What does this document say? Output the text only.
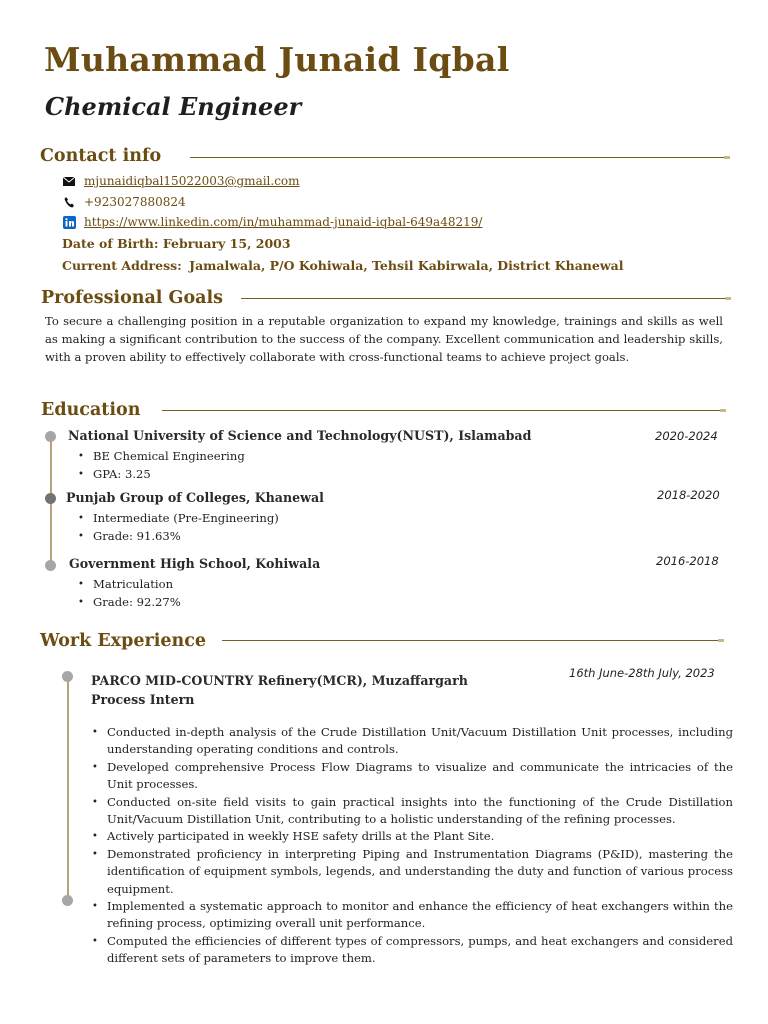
Muhammad Junaid Iqbal
Chemical Engineer
Contact info
mjunaidiqbal15022003@gmail.com
+923027880824
https://www.linkedin.com/in/muhammad-junaid-iqbal-649a48219/
Date of Birth: February 15, 2003
Current Address: Jamalwala, P/O Kohiwala, Tehsil Kabirwala, District Khanewal
Professional Goals
To secure a challenging position in a reputable organization to expand my knowledge, trainings and skills as well as making a significant contribution to the success of the company. Excellent communication and leadership skills, with a proven ability to effectively collaborate with cross-functional teams to achieve project goals.
Education
National University of Science and Technology(NUST), Islamabad	2020-2024
• BE Chemical Engineering
• GPA: 3.25
Punjab Group of Colleges, Khanewal	2018-2020
• Intermediate (Pre-Engineering)
• Grade: 91.63%
Government High School, Kohiwala	2016-2018
• Matriculation
• Grade: 92.27%
Work Experience
PARCO MID-COUNTRY Refinery(MCR), Muzaffargarh
Process Intern
16th June-28th July, 2023
• Conducted in-depth analysis of the Crude Distillation Unit/Vacuum Distillation Unit processes, including understanding operating conditions and controls.
• Developed comprehensive Process Flow Diagrams to visualize and communicate the intricacies of the Unit processes.
• Conducted on-site field visits to gain practical insights into the functioning of the Crude Distillation Unit/Vacuum Distillation Unit, contributing to a holistic understanding of the refining processes.
• Actively participated in weekly HSE safety drills at the Plant Site.
• Demonstrated proficiency in interpreting Piping and Instrumentation Diagrams (P&ID), mastering the identification of equipment symbols, legends, and understanding the duty and function of various process equipment.
• Implemented a systematic approach to monitor and enhance the efficiency of heat exchangers within the refining process, optimizing overall unit performance.
• Computed the efficiencies of different types of compressors, pumps, and heat exchangers and considered different sets of parameters to improve them.
